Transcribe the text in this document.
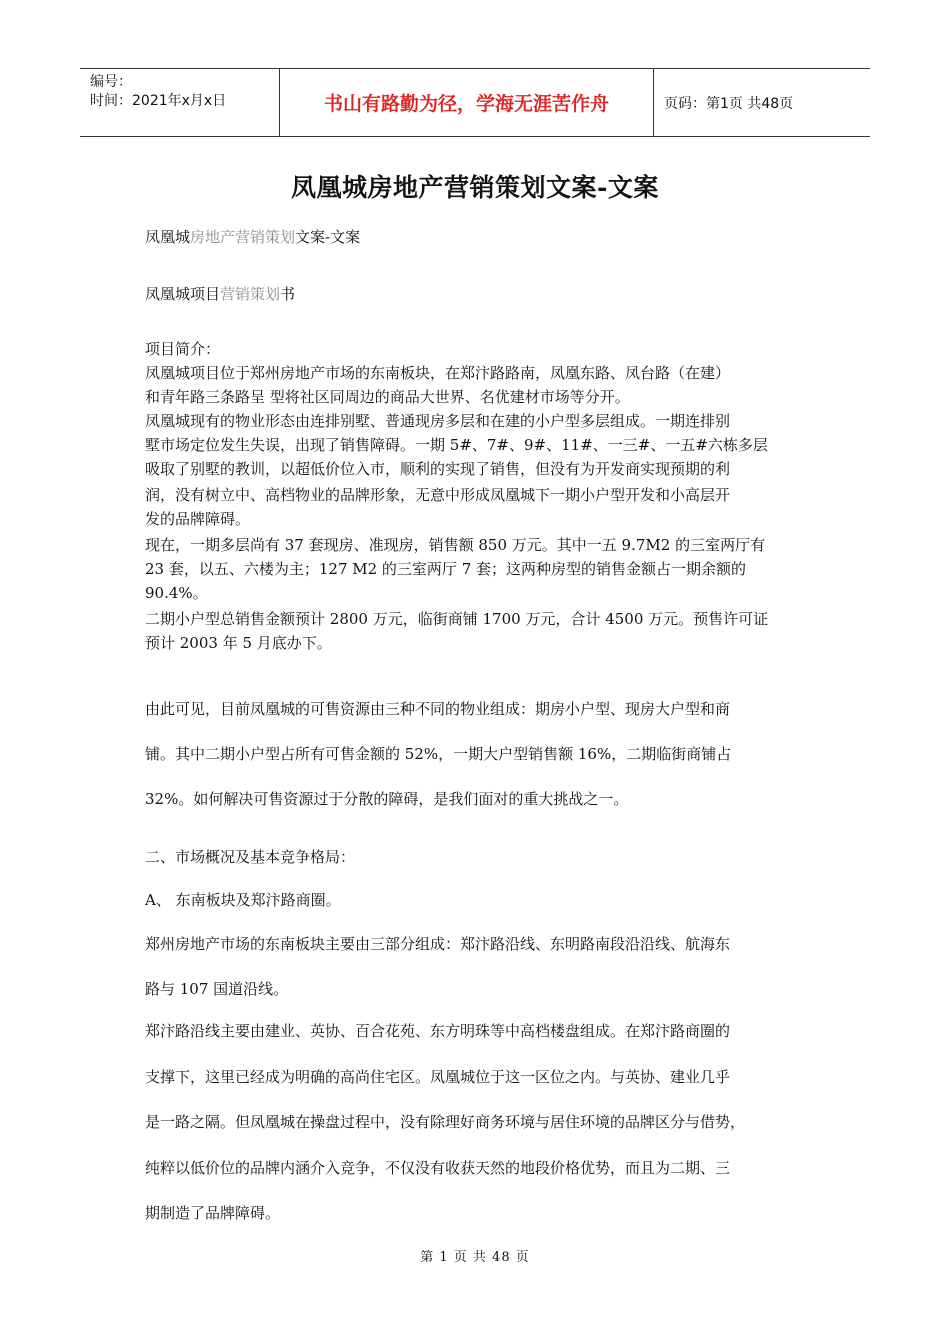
编号：
时间：2021年x月x日	书山有路勤为径，学海无涯苦作舟	页码：第1页 共48页
凤凰城房地产营销策划文案-文案
凤凰城房地产营销策划文案-文案
凤凰城项目营销策划书
项目简介：
凤凰城项目位于郑州房地产市场的东南板块，在郑汴路路南，凤凰东路、凤台路（在建）
和青年路三条路呈 型将社区同周边的商品大世界、名优建材市场等分开。
凤凰城现有的物业形态由连排别墅、普通现房多层和在建的小户型多层组成。一期连排别
墅市场定位发生失误，出现了销售障碍。一期 5#、7#、9#、11#、一三#、一五#六栋多层
吸取了别墅的教训，以超低价位入市，顺利的实现了销售，但没有为开发商实现预期的利
润，没有树立中、高档物业的品牌形象，无意中形成凤凰城下一期小户型开发和小高层开
发的品牌障碍。
现在，一期多层尚有 37 套现房、准现房，销售额 850 万元。其中一五 9.7M2 的三室两厅有
23 套，以五、六楼为主；127 M2 的三室两厅 7 套；这两种房型的销售金额占一期余额的
90.4%。
二期小户型总销售金额预计 2800 万元，临街商铺 1700 万元，合计 4500 万元。预售许可证
预计 2003 年 5 月底办下。
由此可见，目前凤凰城的可售资源由三种不同的物业组成：期房小户型、现房大户型和商
铺。其中二期小户型占所有可售金额的 52%，一期大户型销售额 16%，二期临街商铺占
32%。如何解决可售资源过于分散的障碍，是我们面对的重大挑战之一。
二、市场概况及基本竞争格局：
A、 东南板块及郑汴路商圈。
郑州房地产市场的东南板块主要由三部分组成：郑汴路沿线、东明路南段沿沿线、航海东
路与 107 国道沿线。
郑汴路沿线主要由建业、英协、百合花苑、东方明珠等中高档楼盘组成。在郑汴路商圈的
支撑下，这里已经成为明确的高尚住宅区。凤凰城位于这一区位之内。与英协、建业几乎
是一路之隔。但凤凰城在操盘过程中，没有除理好商务环境与居住环境的品牌区分与借势，
纯粹以低价位的品牌内涵介入竞争，不仅没有收获天然的地段价格优势，而且为二期、三
期制造了品牌障碍。
第 1 页 共 48 页
